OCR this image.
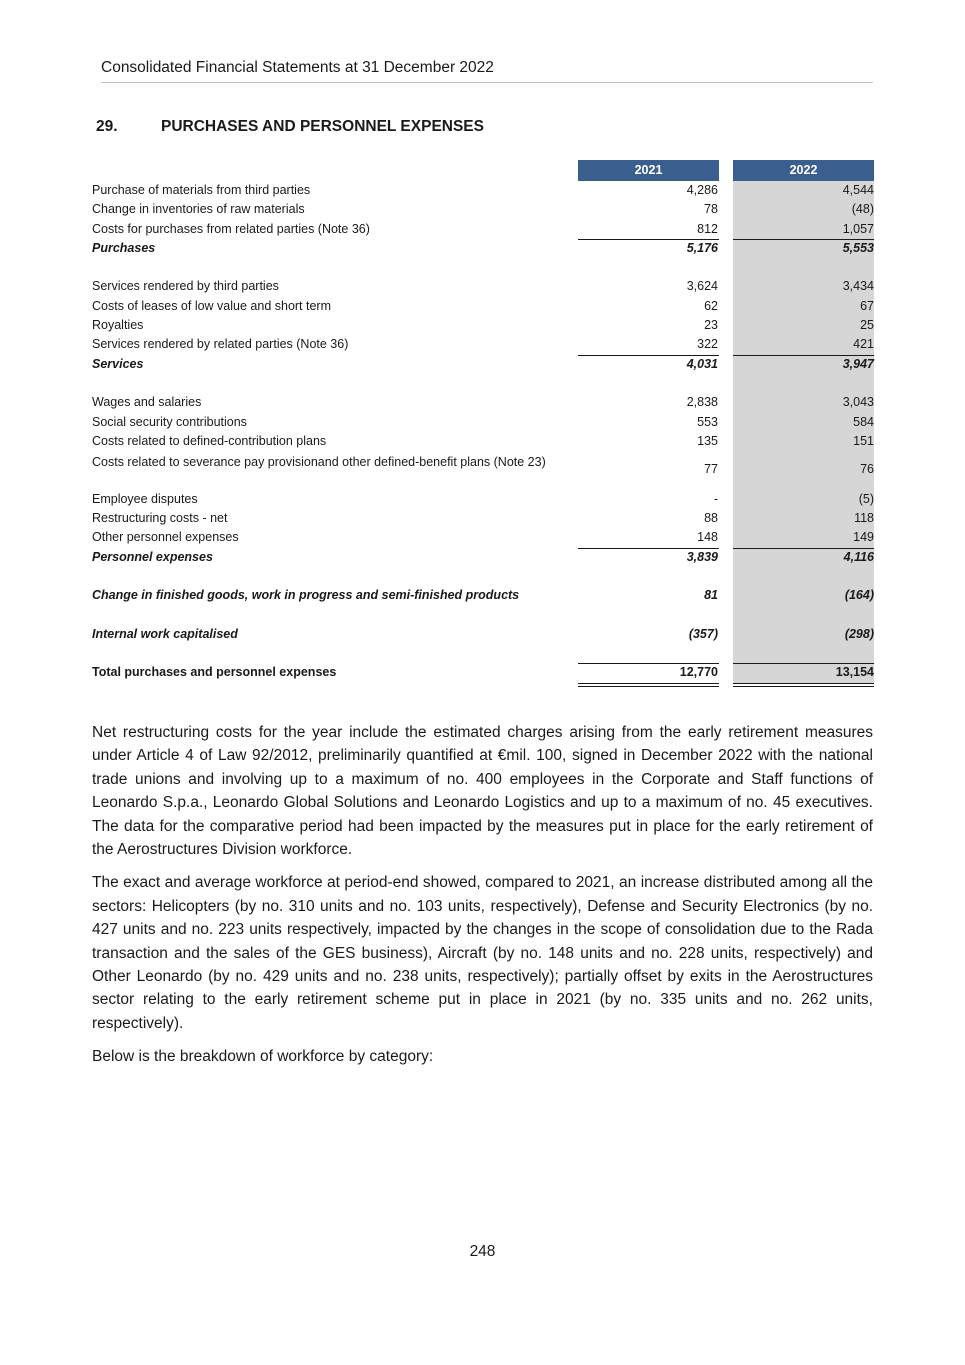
Consolidated Financial Statements at 31 December 2022
29.	PURCHASES AND PERSONNEL EXPENSES
2021	2022
Purchase of materials from third parties	4,286	4,544
Change in inventories of raw materials	78	(48)
Costs for purchases from related parties (Note 36)	812	1,057
Purchases	5,176	5,553
Services rendered by third parties	3,624	3,434
Costs of leases of low value and short term	62	67
Royalties	23	25
Services rendered by related parties (Note 36)	322	421
Services	4,031	3,947
Wages and salaries	2,838	3,043
Social security contributions	553	584
Costs related to defined-contribution plans	135	151
Costs related to severance pay provisionand other defined-benefit plans (Note 23)	77	76
Employee disputes	-	(5)
Restructuring costs - net	88	118
Other personnel expenses	148	149
Personnel expenses	3,839	4,116
Change in finished goods, work in progress and semi-finished products	81	(164)
Internal work capitalised	(357)	(298)
Total purchases and personnel expenses	12,770	13,154

Net restructuring costs for the year include the estimated charges arising from the early retirement measures under Article 4 of Law 92/2012, preliminarily quantified at €mil. 100, signed in December 2022 with the national trade unions and involving up to a maximum of no. 400 employees in the Corporate and Staff functions of Leonardo S.p.a., Leonardo Global Solutions and Leonardo Logistics and up to a maximum of no. 45 executives. The data for the comparative period had been impacted by the measures put in place for the early retirement of the Aerostructures Division workforce.

The exact and average workforce at period-end showed, compared to 2021, an increase distributed among all the sectors: Helicopters (by no. 310 units and no. 103 units, respectively), Defense and Security Electronics (by no. 427 units and no. 223 units respectively, impacted by the changes in the scope of consolidation due to the Rada transaction and the sales of the GES business), Aircraft (by no. 148 units and no. 228 units, respectively) and Other Leonardo (by no. 429 units and no. 238 units, respectively); partially offset by exits in the Aerostructures sector relating to the early retirement scheme put in place in 2021 (by no. 335 units and no. 262 units, respectively).

Below is the breakdown of workforce by category:

248
